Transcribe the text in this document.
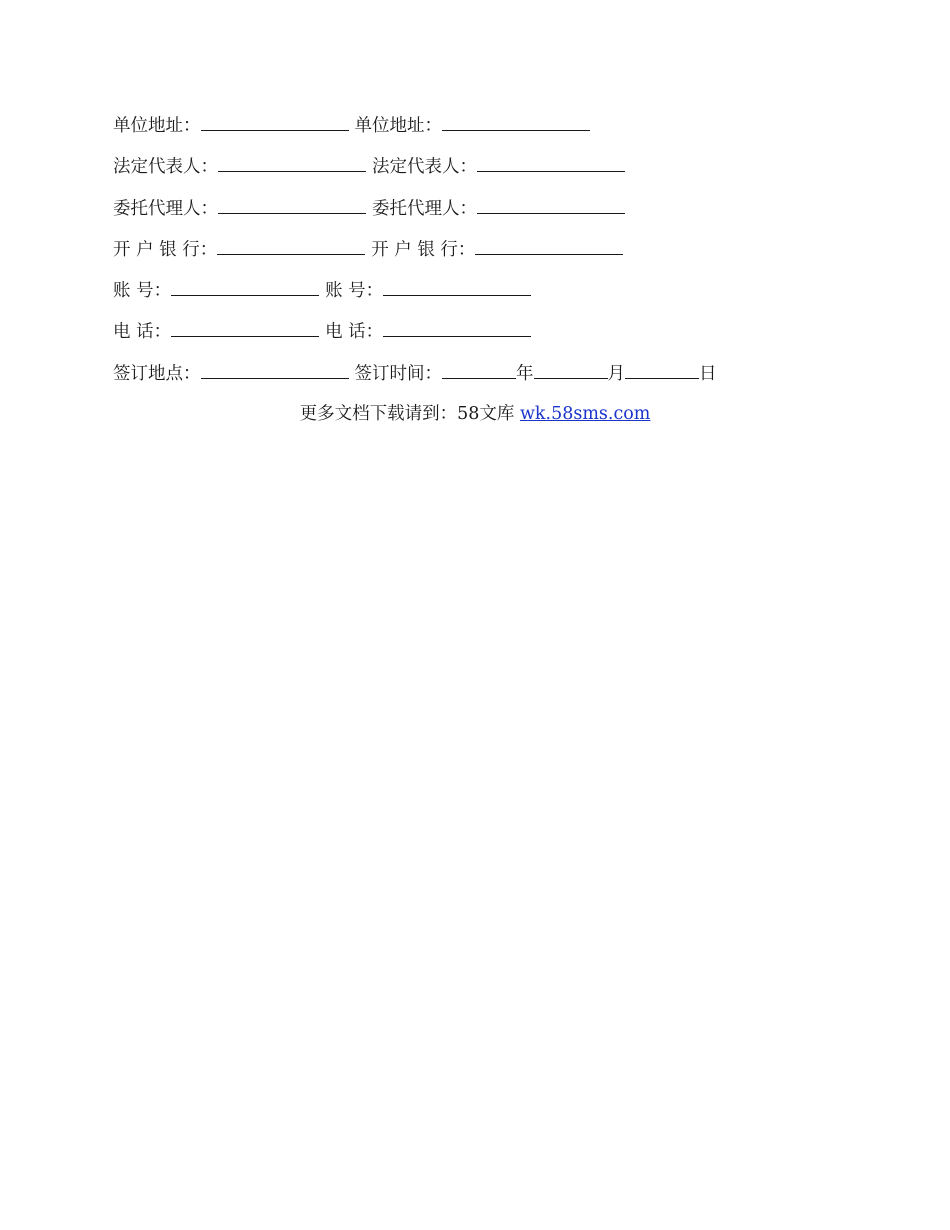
单位地址：	单位地址：
法定代表人：	法定代表人：
委托代理人：	委托代理人：
开 户 银 行：	开 户 银 行：
账 号：	账 号：
电 话：	电 话：
签订地点：	签订时间：	年	月	日
更多文档下载请到：58文库 wk.58sms.com
